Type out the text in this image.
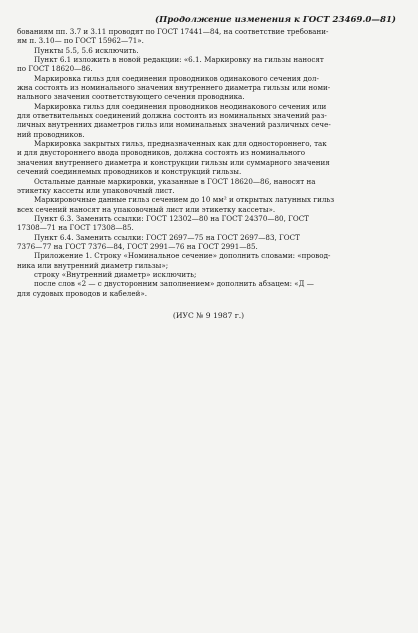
(Продолжение изменения к ГОСТ 23469.0—81)
бованиям пп. 3.7 и 3.11 проводят по ГОСТ 17441—84, на соответствие требовани-
ям п. 3.10— по ГОСТ 15962—71».
Пункты 5.5, 5.6 исключить.
Пункт 6.1 изложить в новой редакции: «6.1. Маркировку на гильзы наносят
по ГОСТ 18620—86.
Маркировка гильз для соединения проводников одинакового сечения дол-
жна состоять из номинального значения внутреннего диаметра гильзы или номи-
нального значения соответствующего сечения проводника.
Маркировка гильз для соединения проводников неодинакового сечения или
для ответвительных соединений должна состоять из номинальных значений раз-
личных внутренних диаметров гильз или номинальных значений различных сече-
ний проводников.
Маркировка закрытых гильз, предназначенных как для одностороннего, так
и для двустороннего ввода проводников, должна состоять из номинального
значения внутреннего диаметра и конструкции гильзы или суммарного значения
сечений соединяемых проводников и конструкций гильзы.
Остальные данные маркировки, указанные в ГОСТ 18620—86, наносят на
этикетку кассеты или упаковочный лист.
Маркировочные данные гильз сечением до 10 мм² и открытых латунных гильз
всех сечений наносят на упаковочный лист или этикетку кассеты».
Пункт 6.3. Заменить ссылки: ГОСТ 12302—80 на ГОСТ 24370—80, ГОСТ
17308—71 на ГОСТ 17308—85.
Пункт 6.4. Заменить ссылки: ГОСТ 2697—75 на ГОСТ 2697—83, ГОСТ
7376—77 на ГОСТ 7376—84, ГОСТ 2991—76 на ГОСТ 2991—85.
Приложение 1. Строку «Номинальное сечение» дополнить словами: «провод-
ника или внутренний диаметр гильзы»;
строку «Внутренний диаметр» исключить;
после слов «2 — с двусторонним заполнением» дополнить абзацем: «Д —
для судовых проводов и кабелей».
(ИУС № 9 1987 г.)
